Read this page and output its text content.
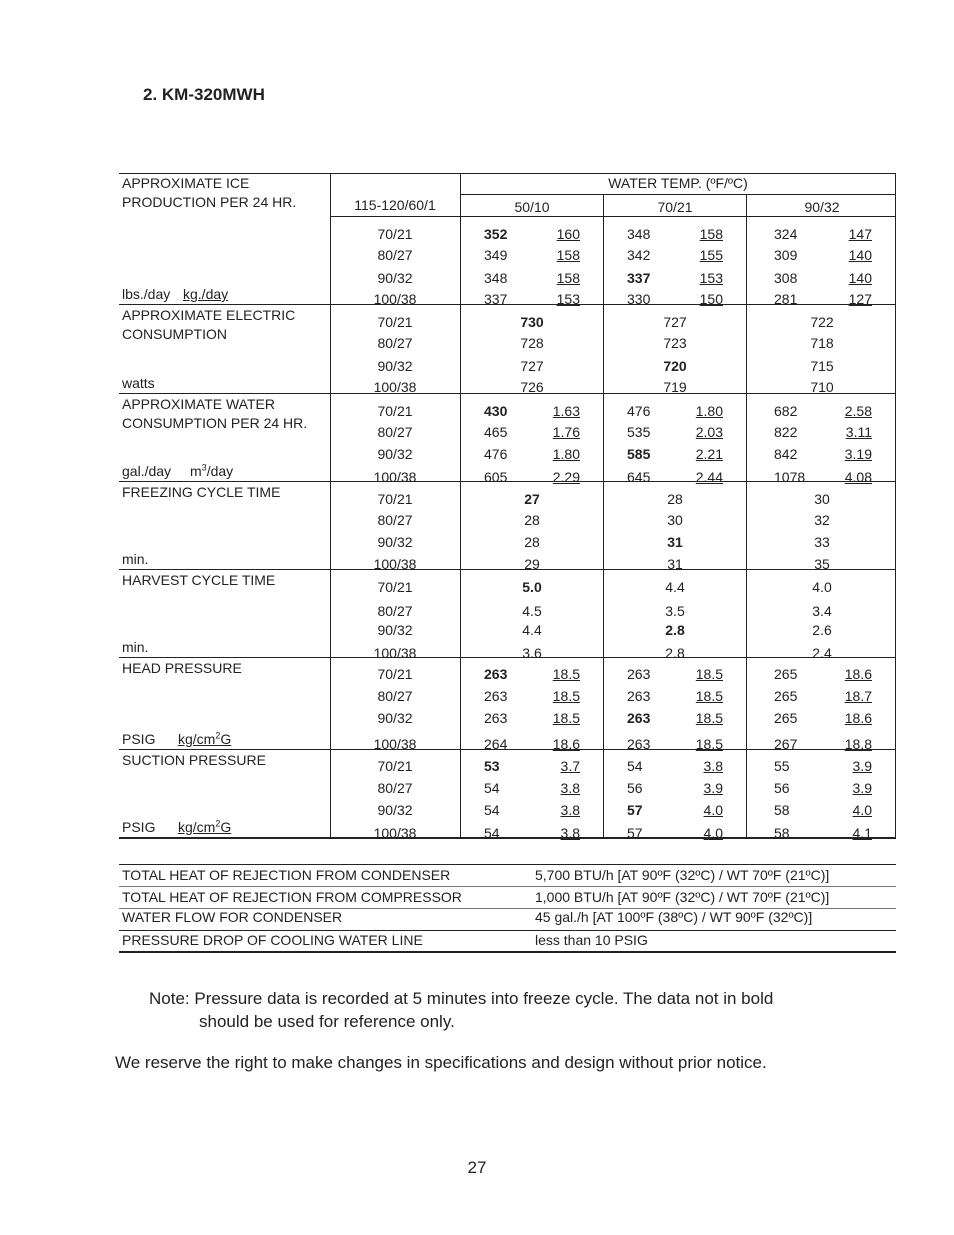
2. KM-320MWH
APPROXIMATE ICE
PRODUCTION PER 24 HR.	115-120/60/1
WATER TEMP. (ºF/ºC)
50/10	70/21	90/32
lbs./day kg./day
70/21	352	160	348	158	324	147
80/27	349	158	342	155	309	140
90/32	348	158	337	153	308	140
100/38	337	153	330	150	281	127
APPROXIMATE ELECTRIC
CONSUMPTION
watts
70/21	730	727	722
80/27	728	723	718
90/32	727	720	715
100/38	726	719	710
APPROXIMATE WATER
CONSUMPTION PER 24 HR.
gal./day $m^3$/day
70/21	430	1.63	476	1.80	682	2.58
80/27	465	1.76	535	2.03	822	3.11
90/32	476	1.80	585	2.21	842	3.19
100/38	605	2.29	645	2.44	1078	4.08
FREEZING CYCLE TIME
min.
70/21	27	28	30
80/27	28	30	32
90/32	28	31	33
100/38	29	31	35
HARVEST CYCLE TIME
min.
70/21	5.0	4.4	4.0
80/27	4.5	3.5	3.4
90/32	4.4	2.8	2.6
100/38	3.6	2.8	2.4
HEAD PRESSURE
PSIG $kg/cm^2G$
70/21	263	18.5	263	18.5	265	18.6
80/27	263	18.5	263	18.5	265	18.7
90/32	263	18.5	263	18.5	265	18.6
100/38	264	18.6	263	18.5	267	18.8
SUCTION PRESSURE
PSIG $kg/cm^2G$
70/21	53	3.7	54	3.8	55	3.9
80/27	54	3.8	56	3.9	56	3.9
90/32	54	3.8	57	4.0	58	4.0
100/38	54	3.8	57	4.0	58	4.1
TOTAL HEAT OF REJECTION FROM CONDENSER	5,700 BTU/h [AT 90ºF (32ºC) / WT 70ºF (21ºC)]
TOTAL HEAT OF REJECTION FROM COMPRESSOR	1,000 BTU/h [AT 90ºF (32ºC) / WT 70ºF (21ºC)]
WATER FLOW FOR CONDENSER	45 gal./h [AT 100ºF (38ºC) / WT 90ºF (32ºC)]
PRESSURE DROP OF COOLING WATER LINE	less than 10 PSIG
Note: Pressure data is recorded at 5 minutes into freeze cycle. The data not in bold
should be used for reference only.
We reserve the right to make changes in specifications and design without prior notice.
27
